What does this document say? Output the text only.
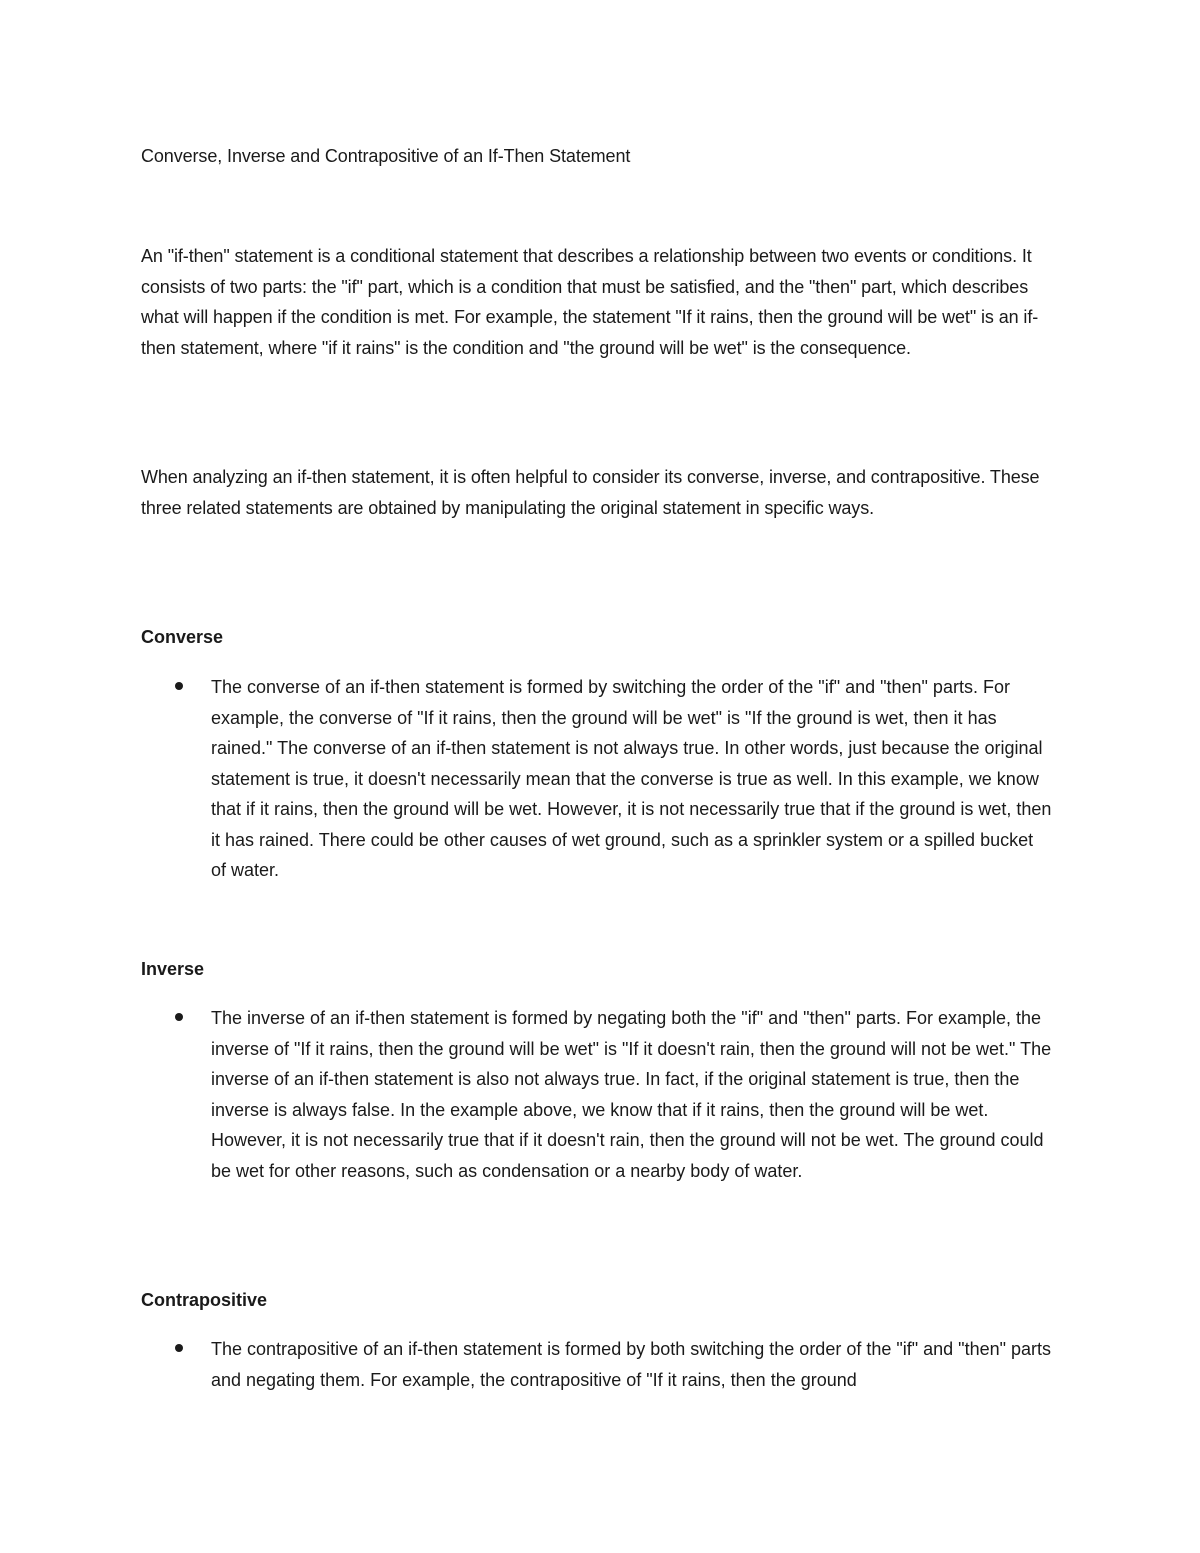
Converse, Inverse and Contrapositive of an If-Then Statement
An "if-then" statement is a conditional statement that describes a relationship between two events or conditions. It consists of two parts: the "if" part, which is a condition that must be satisfied, and the "then" part, which describes what will happen if the condition is met. For example, the statement "If it rains, then the ground will be wet" is an if-then statement, where "if it rains" is the condition and "the ground will be wet" is the consequence.
When analyzing an if-then statement, it is often helpful to consider its converse, inverse, and contrapositive. These three related statements are obtained by manipulating the original statement in specific ways.
Converse
The converse of an if-then statement is formed by switching the order of the "if" and "then" parts. For example, the converse of "If it rains, then the ground will be wet" is "If the ground is wet, then it has rained." The converse of an if-then statement is not always true. In other words, just because the original statement is true, it doesn't necessarily mean that the converse is true as well. In this example, we know that if it rains, then the ground will be wet. However, it is not necessarily true that if the ground is wet, then it has rained. There could be other causes of wet ground, such as a sprinkler system or a spilled bucket of water.
Inverse
The inverse of an if-then statement is formed by negating both the "if" and "then" parts. For example, the inverse of "If it rains, then the ground will be wet" is "If it doesn't rain, then the ground will not be wet." The inverse of an if-then statement is also not always true. In fact, if the original statement is true, then the inverse is always false. In the example above, we know that if it rains, then the ground will be wet. However, it is not necessarily true that if it doesn't rain, then the ground will not be wet. The ground could be wet for other reasons, such as condensation or a nearby body of water.
Contrapositive
The contrapositive of an if-then statement is formed by both switching the order of the "if" and "then" parts and negating them. For example, the contrapositive of "If it rains, then the ground
